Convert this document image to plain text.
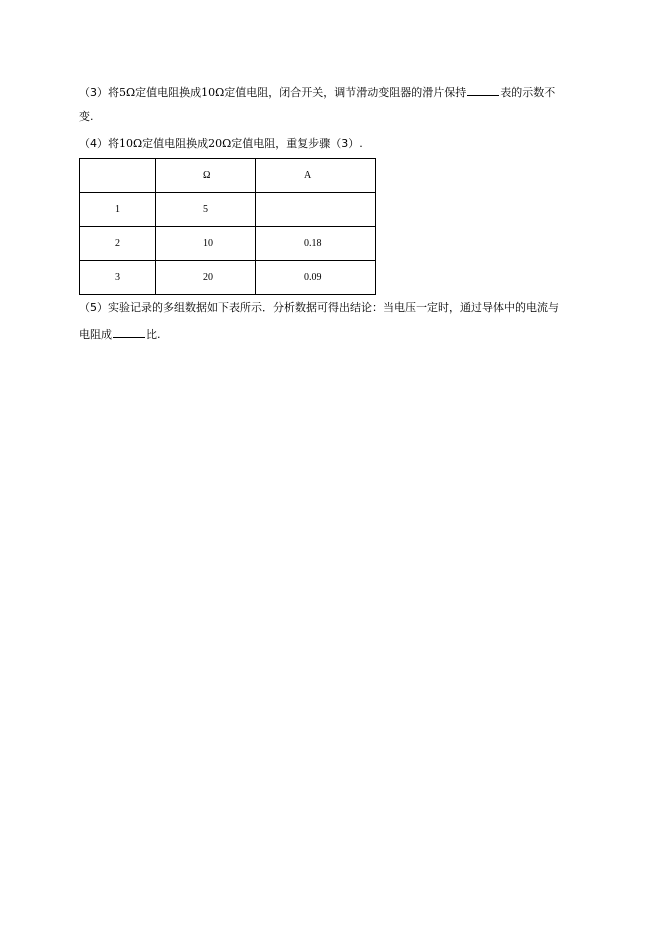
（3）将5Ω定值电阻换成10Ω定值电阻，闭合开关，调节滑动变阻器的滑片保持	表的示数不
变.
（4）将10Ω定值电阻换成20Ω定值电阻，重复步骤（3）.
	Ω	A
1	5	
2	10	0.18
3	20	0.09
（5）实验记录的多组数据如下表所示．分析数据可得出结论：当电压一定时，通过导体中的电流与
电阻成	比.
